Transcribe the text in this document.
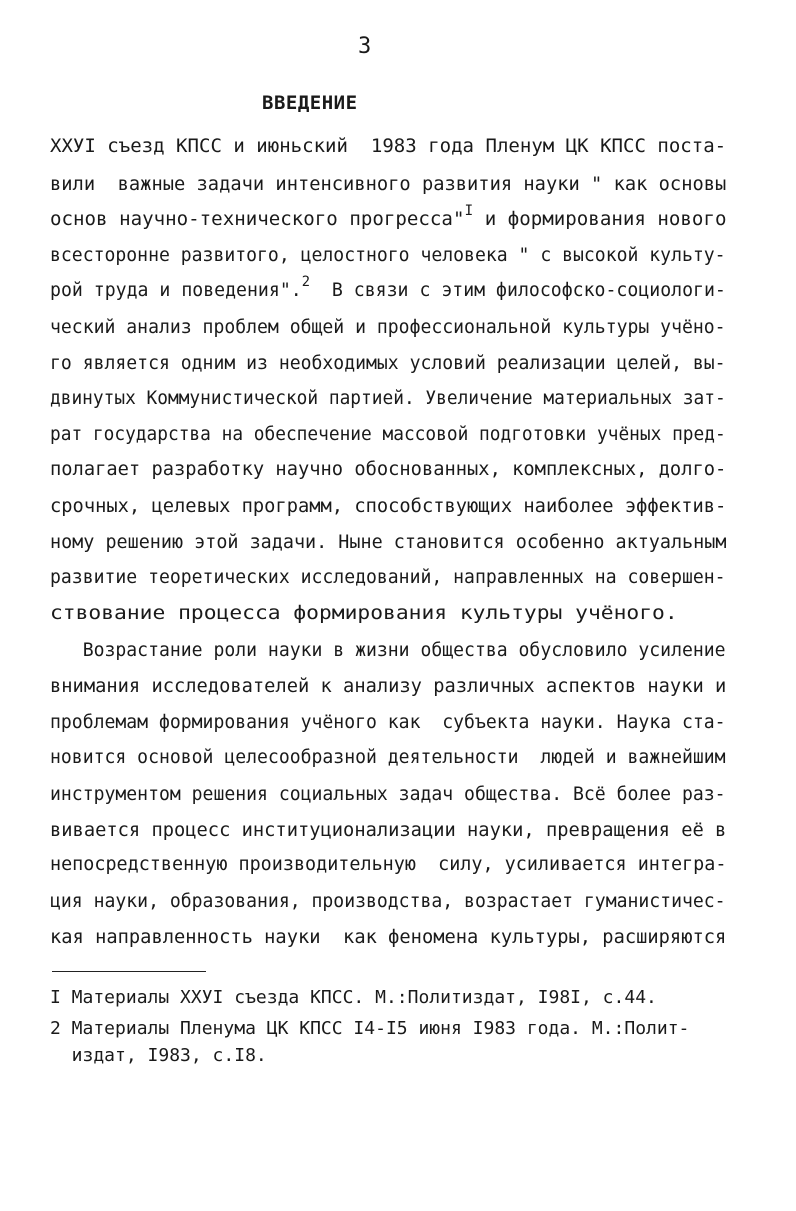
3
ВВЕДЕНИЕ
ХХУI съезд КПСС и июньский  1983 года Пленум ЦК КПСС поста-
вили  важные задачи интенсивного развития науки " как основы
основ научно-технического прогресса"$^I$ и формирования нового
всесторонне развитого, целостного человека " с высокой культу-
рой труда и поведения".$^2$  В связи с этим философско-социологи-
ческий анализ проблем общей и профессиональной культуры учёно-
го является одним из необходимых условий реализации целей, вы-
двинутых Коммунистической партией. Увеличение материальных зат-
рат государства на обеспечение массовой подготовки учёных пред-
полагает разработку научно обоснованных, комплексных, долго-
срочных, целевых программ, способствующих наиболее эффектив-
ному решению этой задачи. Ныне становится особенно актуальным
развитие теоретических исследований, направленных на совершен-
ствование процесса формирования культуры учёного.
Возрастание роли науки в жизни общества обусловило усиление
внимания исследователей к анализу различных аспектов науки и
проблемам формирования учёного как  субъекта науки. Наука ста-
новится основой целесообразной деятельности  людей и важнейшим
инструментом решения социальных задач общества. Всё более раз-
вивается процесс институционализации науки, превращения её в
непосредственную производительную  силу, усиливается интегра-
ция науки, образования, производства, возрастает гуманистичес-
кая направленность науки  как феномена культуры, расширяются
I Материалы ХХУI съезда КПСС. М.:Политиздат, I98I, с.44.
2 Материалы Пленума ЦК КПСС I4-I5 июня I983 года. М.:Полит-
издат, I983, с.I8.
